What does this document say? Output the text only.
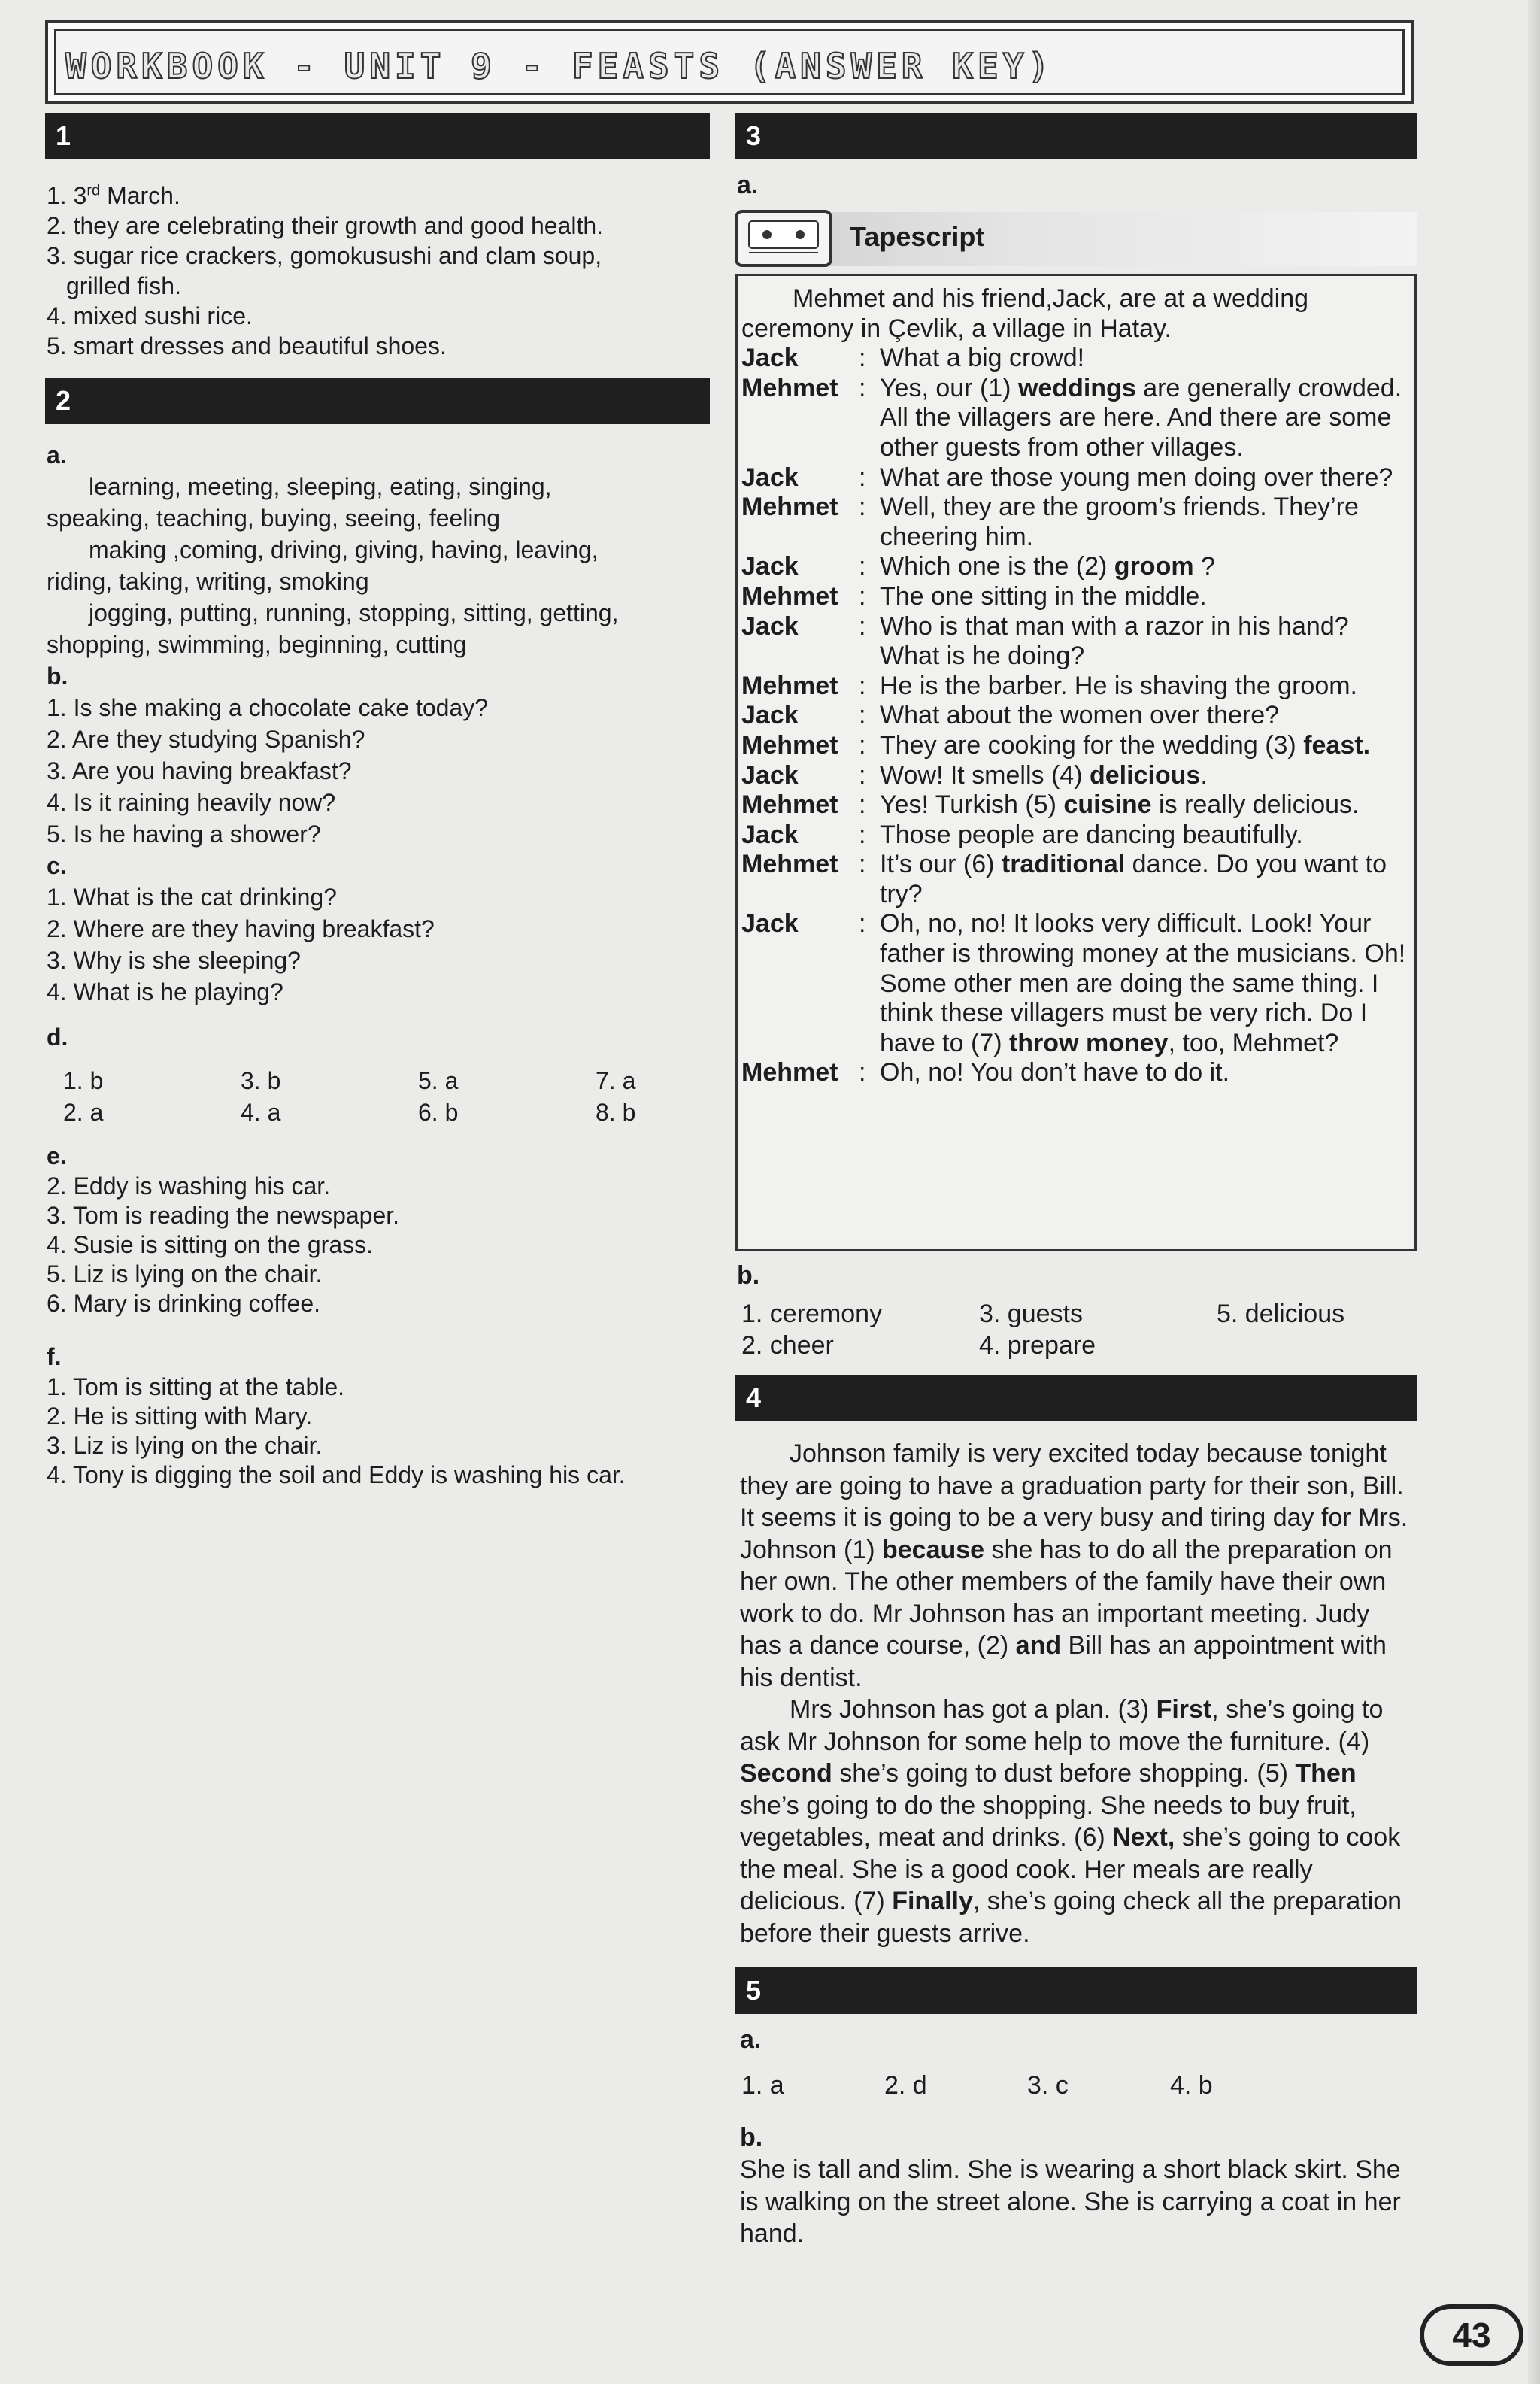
WORKBOOK - UNIT 9 - FEASTS (ANSWER KEY)
1

1. 3rd March.

2. they are celebrating their growth and good health.

3. sugar rice crackers, gomokusushi and clam soup,

grilled fish.

4. mixed sushi rice.

5. smart dresses and beautiful shoes.

2

a.

learning, meeting, sleeping, eating, singing,

speaking, teaching, buying, seeing, feeling

making ,coming, driving, giving, having, leaving,

riding, taking, writing, smoking

jogging, putting, running, stopping, sitting, getting,

shopping, swimming, beginning, cutting

b.

1. Is she making a chocolate cake today?

2. Are they studying Spanish?

3. Are you having breakfast?

4. Is it raining heavily now?

5. Is he having a shower?

c.

1. What is the cat drinking?

2. Where are they having breakfast?

3. Why is she sleeping?

4. What is he playing?

d.

1. b	3. b	5. a	7. a
2. a	4. a	6. b	8. b

e.

2. Eddy is washing his car.

3. Tom is reading the newspaper.

4. Susie is sitting on the grass.

5. Liz is lying on the chair.

6. Mary is drinking coffee.

f.

1. Tom is sitting at the table.

2. He is sitting with Mary.

3. Liz is lying on the chair.

4. Tony is digging the soil and Eddy is washing his car.

3
a.
Tapescript
Mehmet and his friend,Jack, are at a wedding
ceremony in Çevlik, a village in Hatay.
Jack	: What a big crowd!
Mehmet : Yes, our (1) weddings are generally crowded. All the villagers are here. And there are some other guests from other villages.
Jack	: What are those young men doing over there?
Mehmet : Well, they are the groom’s friends. They’re cheering him.
Jack	: Which one is the (2) groom ?
Mehmet : The one sitting in the middle.
Jack	: Who is that man with a razor in his hand? What is he doing?
Mehmet : He is the barber. He is shaving the groom.
Jack	: What about the women over there?
Mehmet : They are cooking for the wedding (3) feast.
Jack	: Wow! It smells (4) delicious.
Mehmet : Yes! Turkish (5) cuisine is really delicious.
Jack	: Those people are dancing beautifully.
Mehmet : It’s our (6) traditional dance. Do you want to try?
Jack	: Oh, no, no! It looks very difficult. Look! Your father is throwing money at the musicians. Oh! Some other men are doing the same thing. I think these villagers must be very rich. Do I have to (7) throw money, too, Mehmet?
Mehmet : Oh, no! You don’t have to do it.
b.
1. ceremony	3. guests	5. delicious
2. cheer	4. prepare
4

Johnson family is very excited today because tonight they are going to have a graduation party for their son, Bill. It seems it is going to be a very busy and tiring day for Mrs. Johnson (1) because she has to do all the preparation on her own. The other members of the family have their own work to do. Mr Johnson has an important meeting. Judy has a dance course, (2) and Bill has an appointment with his dentist.

Mrs Johnson has got a plan. (3) First, she’s going to ask Mr Johnson for some help to move the furniture. (4) Second she’s going to dust before shopping. (5) Then she’s going to do the shopping. She needs to buy fruit, vegetables, meat and drinks. (6) Next, she’s going to cook the meal. She is a good cook. Her meals are really delicious. (7) Finally, she’s going check all the preparation before their guests arrive.

5
a.
1. a	2. d	3. c	4. b
b.
She is tall and slim. She is wearing a short black skirt. She is walking on the street alone. She is carrying a coat in her hand.
43
